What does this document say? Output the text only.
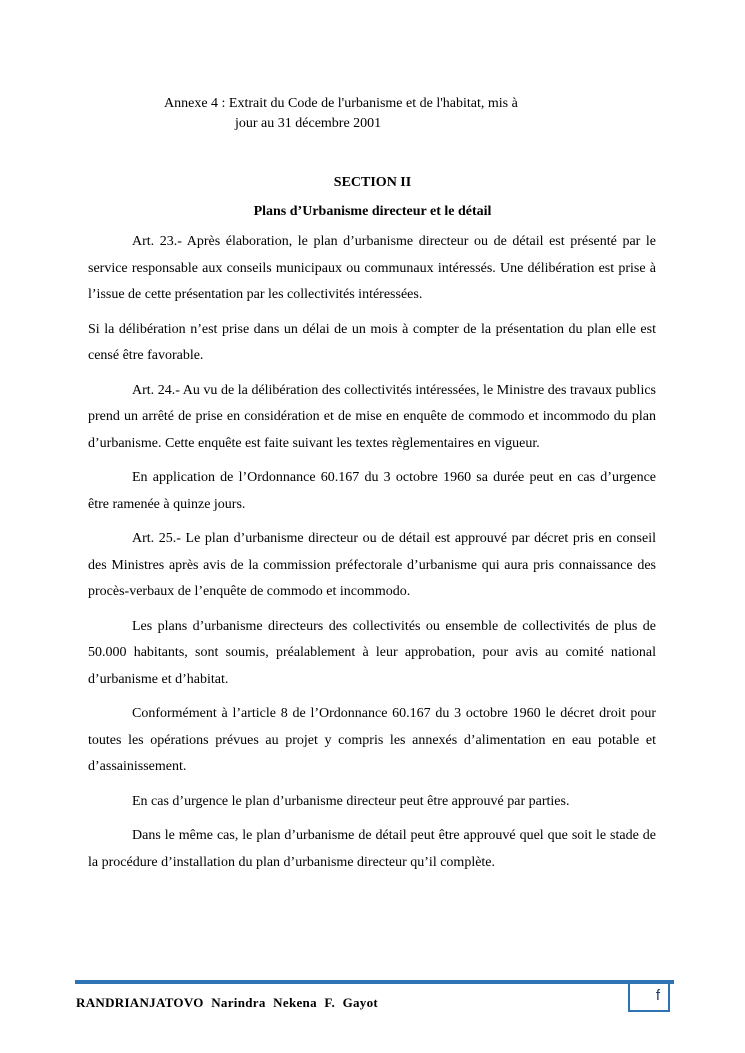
Annexe 4 : Extrait du Code de l'urbanisme et de l'habitat, mis à
jour au 31 décembre 2001
SECTION II
Plans d’Urbanisme directeur et le détail

Art. 23.- Après élaboration, le plan d’urbanisme directeur ou de détail est présenté par le service responsable aux conseils municipaux ou communaux intéressés. Une délibération est prise à l’issue de cette présentation par les collectivités intéressées.

Si la délibération n’est prise dans un délai de un mois à compter de la présentation du plan elle est censé être favorable.

Art. 24.- Au vu de la délibération des collectivités intéressées, le Ministre des travaux publics prend un arrêté de prise en considération et de mise en enquête de commodo et incommodo du plan d’urbanisme. Cette enquête est faite suivant les textes règlementaires en vigueur.

En application de l’Ordonnance 60.167 du 3 octobre 1960 sa durée peut en cas d’urgence être ramenée à quinze jours.

Art. 25.- Le plan d’urbanisme directeur ou de détail est approuvé par décret pris en conseil des Ministres après avis de la commission préfectorale d’urbanisme qui aura pris connaissance des procès-verbaux de l’enquête de commodo et incommodo.

Les plans d’urbanisme directeurs des collectivités ou ensemble de collectivités de plus de 50.000 habitants, sont soumis, préalablement à leur approbation, pour avis au comité national d’urbanisme et d’habitat.

Conformément à l’article 8 de l’Ordonnance 60.167 du 3 octobre 1960 le décret droit pour toutes les opérations prévues au projet y compris les annexés d’alimentation en eau potable et d’assainissement.

En cas d’urgence le plan d’urbanisme directeur peut être approuvé par parties.

Dans le même cas, le plan d’urbanisme de détail peut être approuvé quel que soit le stade de la procédure d’installation du plan d’urbanisme directeur qu’il complète.

RANDRIANJATOVO Narindra Nekena F. Gayot	f
